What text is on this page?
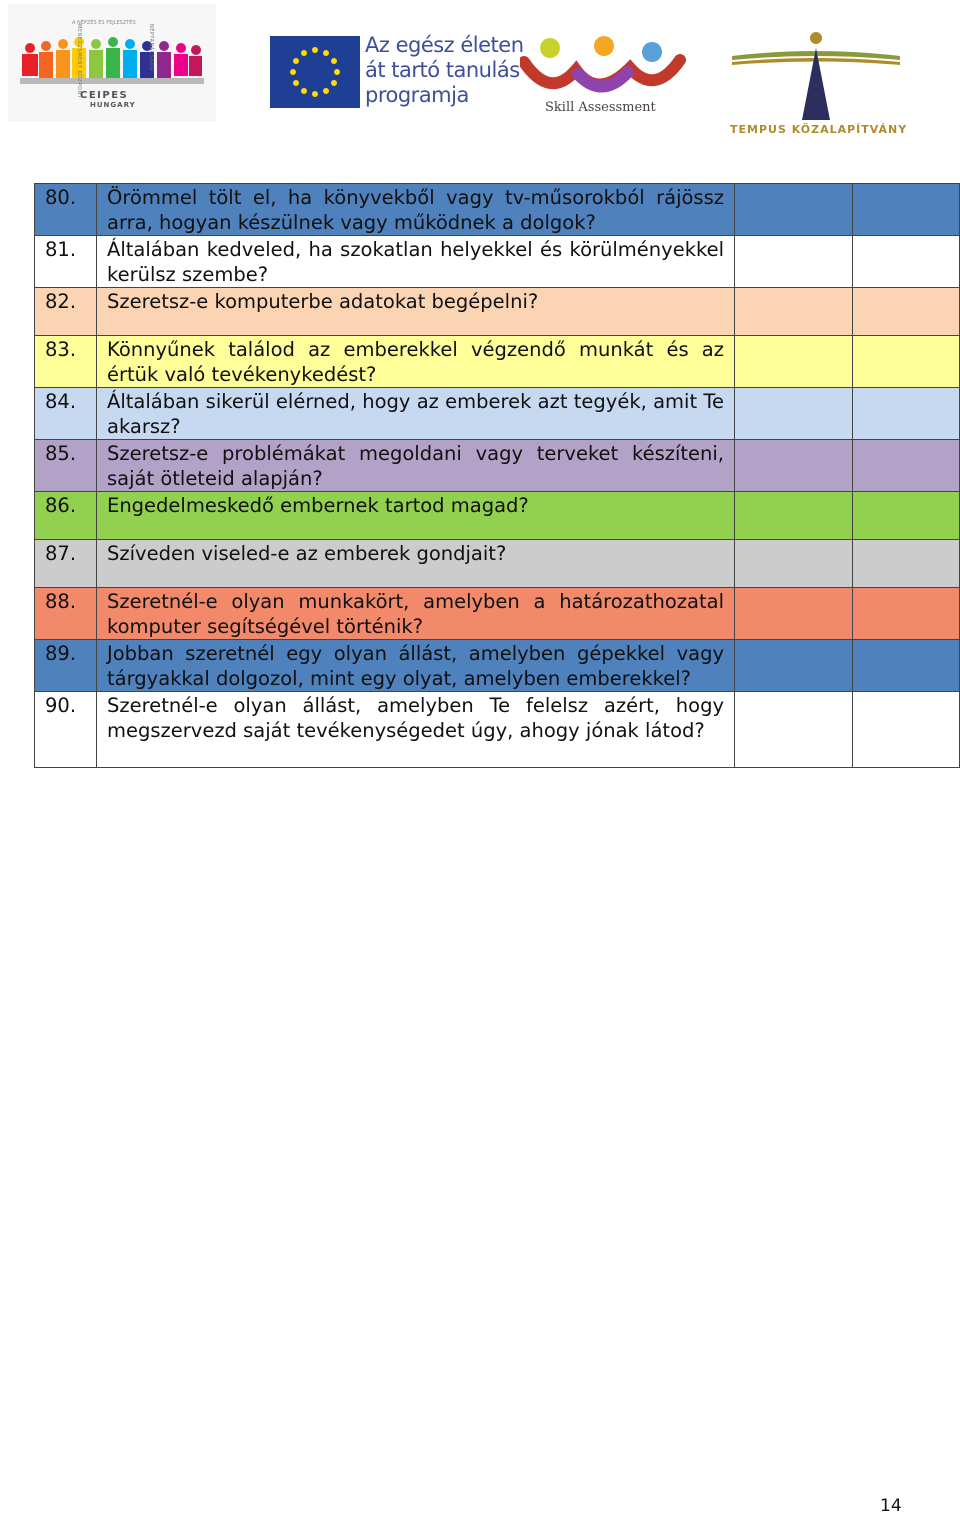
MENEDZSMENT KÖZPONT
A NÉPZÉS ÉS FEJLESZTÉS
NÉPTANÁCSADÓ
CEIPES
HUNGARY
Az egész életen
át tartó tanulás
programja
Skill Assessment
TEMPUS KÖZALAPÍTVÁNY
80.	Örömmel tölt el, ha könyvekből vagy tv-műsorokból rájössz arra, hogyan készülnek vagy működnek a dolgok?		
81.	Általában kedveled, ha szokatlan helyekkel és körülményekkel kerülsz szembe?		
82.	Szeretsz-e komputerbe adatokat begépelni?		
83.	Könnyűnek találod az emberekkel végzendő munkát és az értük való tevékenykedést?		
84.	Általában sikerül elérned, hogy az emberek azt tegyék, amit Te akarsz?		
85.	Szeretsz-e problémákat megoldani vagy terveket készíteni, saját ötleteid alapján?		
86.	Engedelmeskedő embernek tartod magad?		
87.	Szíveden viseled-e az emberek gondjait?		
88.	Szeretnél-e olyan munkakört, amelyben a határozathozatal komputer segítségével történik?		
89.	Jobban szeretnél egy olyan állást, amelyben gépekkel vagy tárgyakkal dolgozol, mint egy olyat, amelyben emberekkel?		
90.	Szeretnél-e olyan állást, amelyben Te felelsz azért, hogy megszervezd saját tevékenységedet úgy, ahogy jónak látod?		
14
